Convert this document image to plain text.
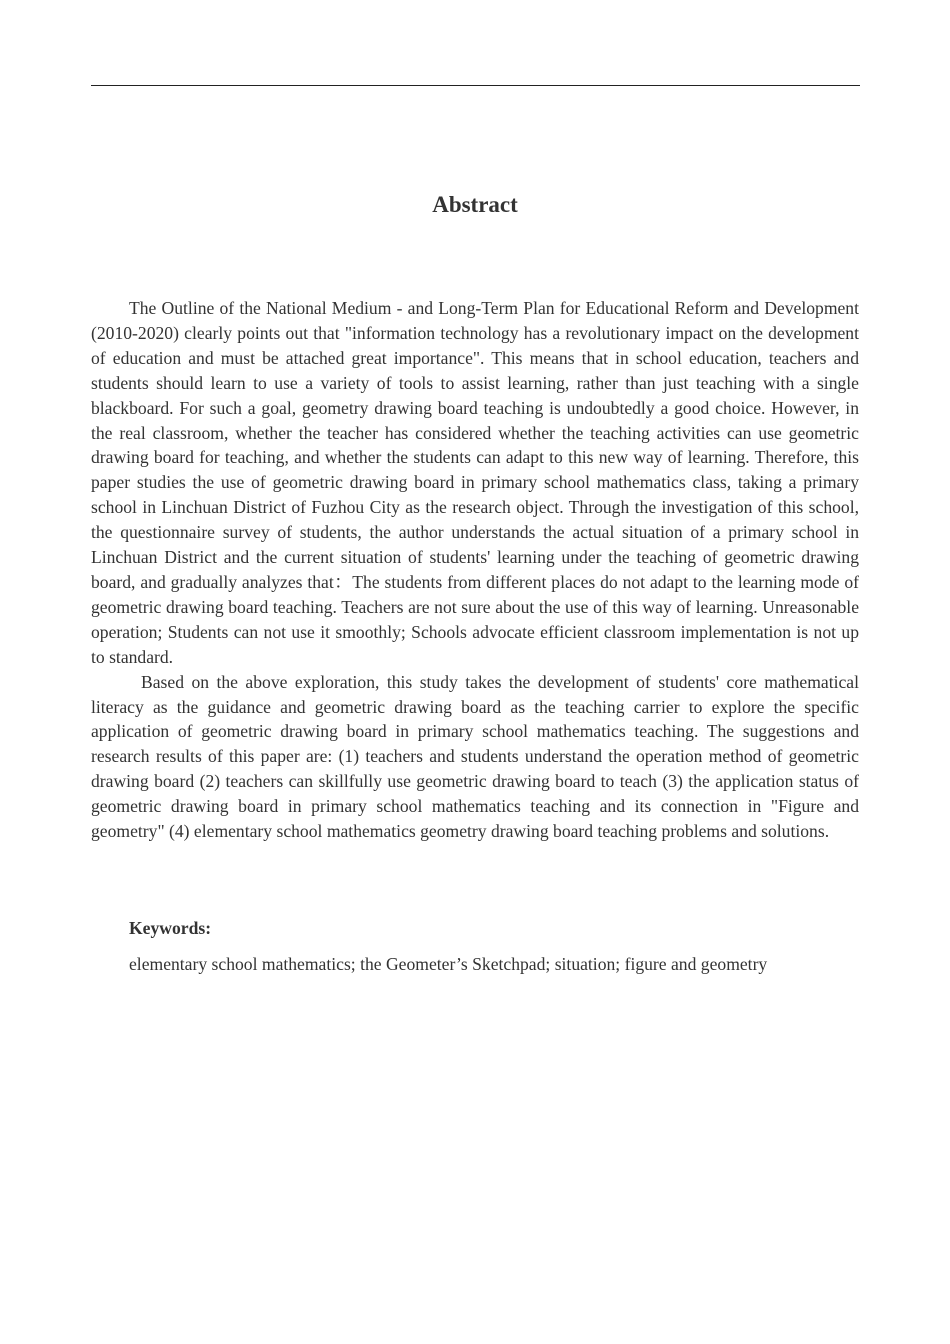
Abstract

The Outline of the National Medium - and Long-Term Plan for Educational Reform and Development (2010-2020) clearly points out that "information technology has a revolutionary impact on the development of education and must be attached great importance". This means that in school education, teachers and students should learn to use a variety of tools to assist learning, rather than just teaching with a single blackboard. For such a goal, geometry drawing board teaching is undoubtedly a good choice. However, in the real classroom, whether the teacher has considered whether the teaching activities can use geometric drawing board for teaching, and whether the students can adapt to this new way of learning. Therefore, this paper studies the use of geometric drawing board in primary school mathematics class, taking a primary school in Linchuan District of Fuzhou City as the research object. Through the investigation of this school, the questionnaire survey of students, the author understands the actual situation of a primary school in Linchuan District and the current situation of students' learning under the teaching of geometric drawing board, and gradually analyzes that：The students from different places do not adapt to the learning mode of geometric drawing board teaching. Teachers are not sure about the use of this way of learning. Unreasonable operation; Students can not use it smoothly; Schools advocate efficient classroom implementation is not up to standard.

Based on the above exploration, this study takes the development of students' core mathematical literacy as the guidance and geometric drawing board as the teaching carrier to explore the specific application of geometric drawing board in primary school mathematics teaching. The suggestions and research results of this paper are: (1) teachers and students understand the operation method of geometric drawing board (2) teachers can skillfully use geometric drawing board to teach (3) the application status of geometric drawing board in primary school mathematics teaching and its connection in "Figure and geometry" (4) elementary school mathematics geometry drawing board teaching problems and solutions.

Keywords:

elementary school mathematics; the Geometer’s Sketchpad; situation; figure and geometry
